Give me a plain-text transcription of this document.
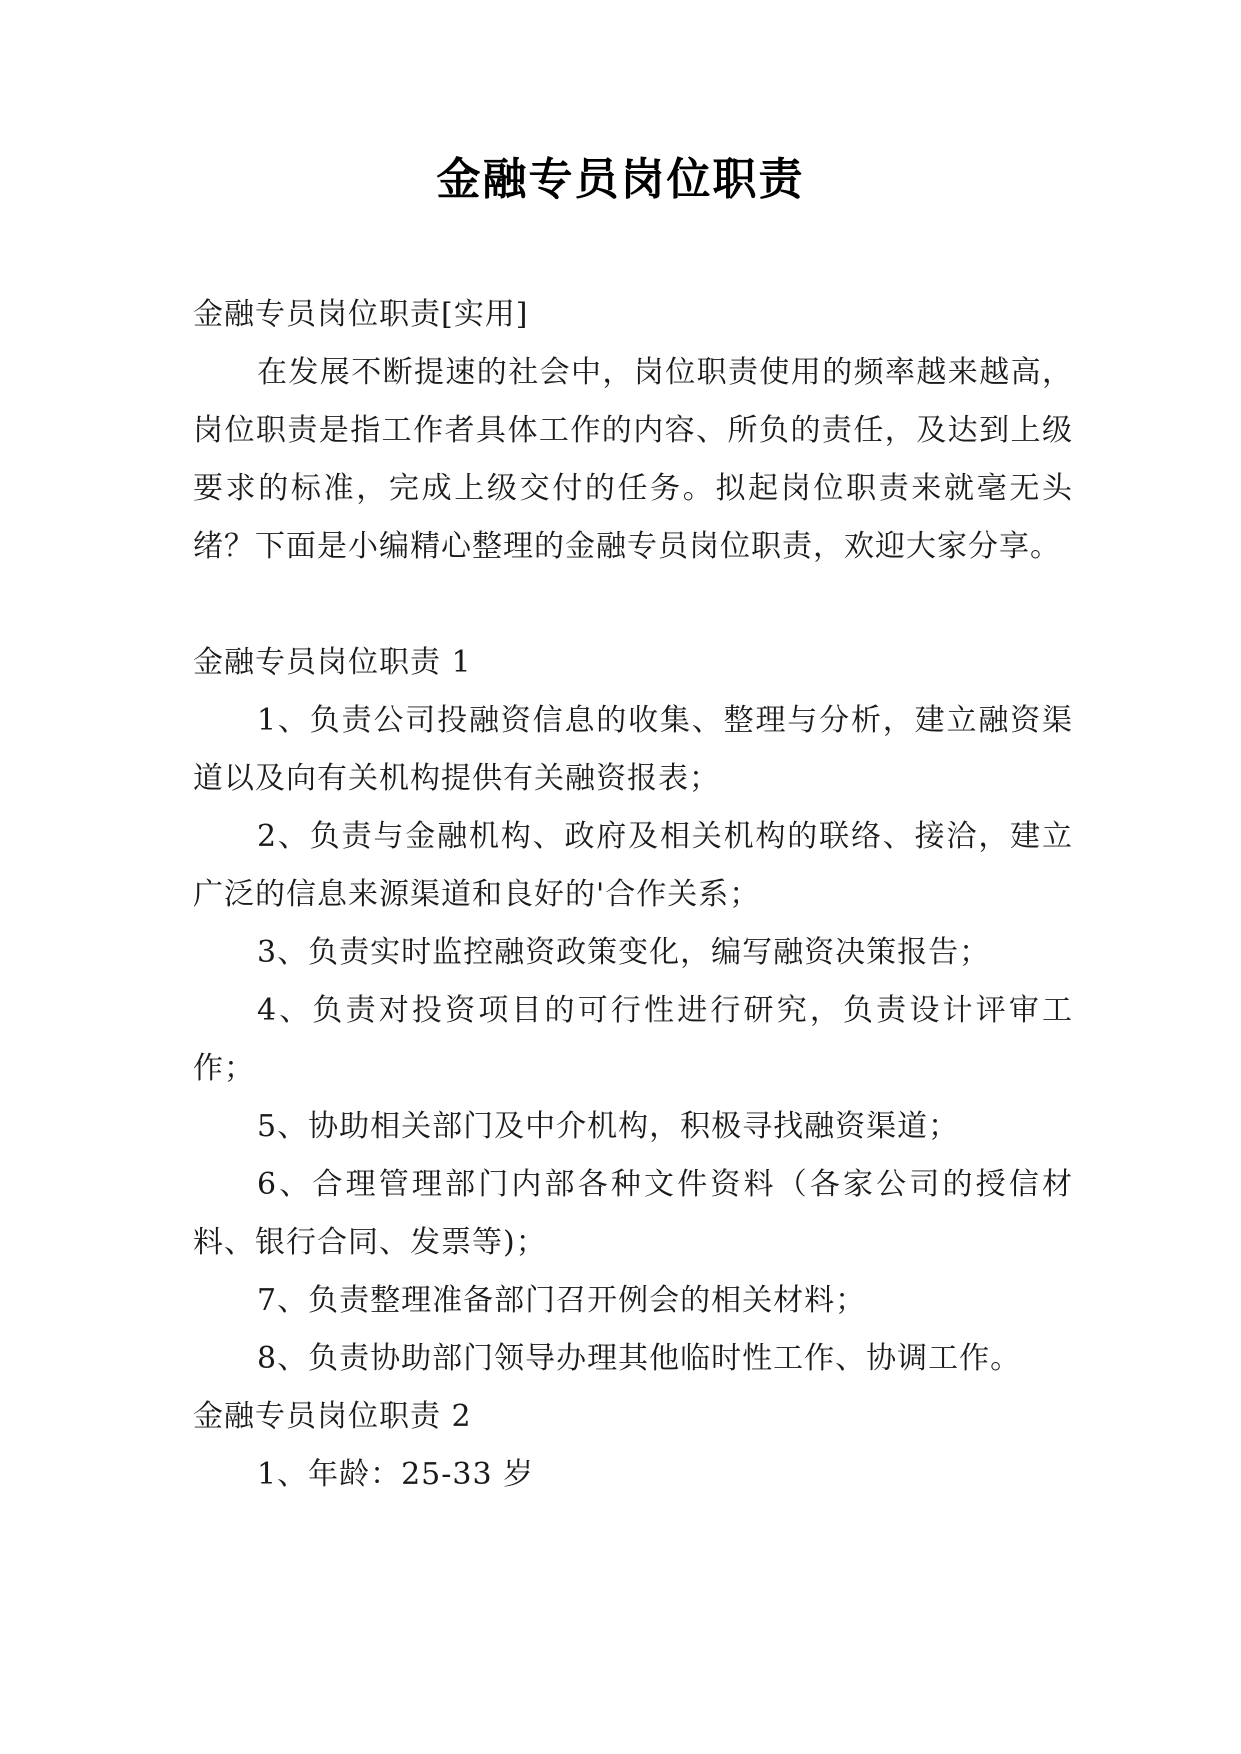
金融专员岗位职责

金融专员岗位职责[实用]

在发展不断提速的社会中，岗位职责使用的频率越来越高，岗位职责是指工作者具体工作的内容、所负的责任，及达到上级要求的标准，完成上级交付的任务。拟起岗位职责来就毫无头绪？下面是小编精心整理的金融专员岗位职责，欢迎大家分享。

金融专员岗位职责 1

1、负责公司投融资信息的收集、整理与分析，建立融资渠道以及向有关机构提供有关融资报表；

2、负责与金融机构、政府及相关机构的联络、接洽，建立广泛的信息来源渠道和良好的'合作关系；

3、负责实时监控融资政策变化，编写融资决策报告；

4、负责对投资项目的可行性进行研究，负责设计评审工作；

5、协助相关部门及中介机构，积极寻找融资渠道；

6、合理管理部门内部各种文件资料（各家公司的授信材料、银行合同、发票等)；

7、负责整理准备部门召开例会的相关材料；

8、负责协助部门领导办理其他临时性工作、协调工作。

金融专员岗位职责 2

1、年龄：25-33 岁
